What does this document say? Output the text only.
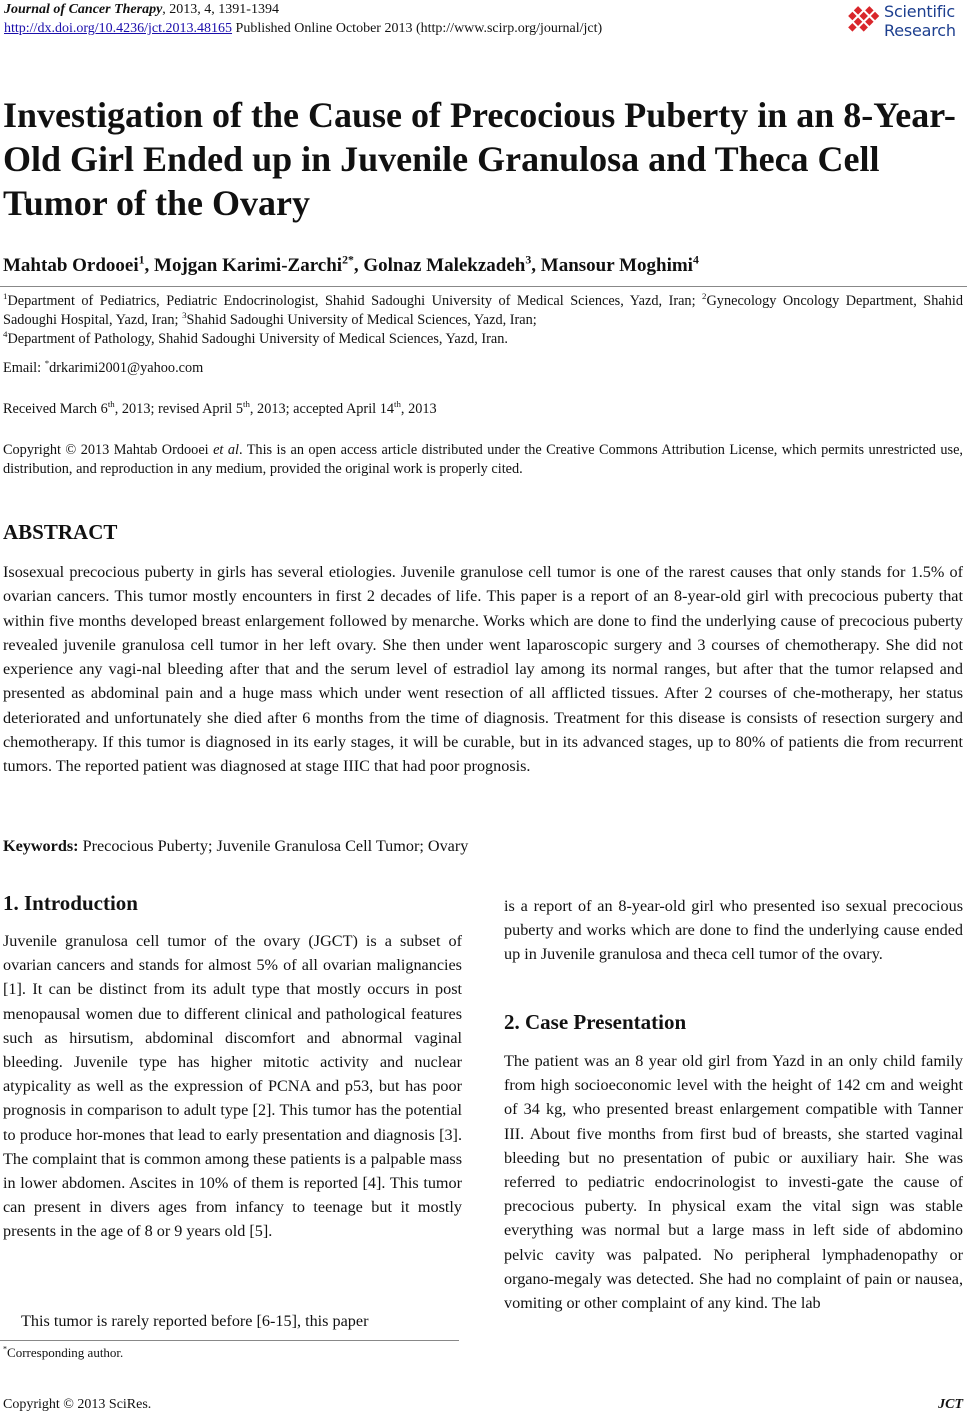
Journal of Cancer Therapy, 2013, 4, 1391-1394
http://dx.doi.org/10.4236/jct.2013.48165 Published Online October 2013 (http://www.scirp.org/journal/jct)
Scientific
Research
Investigation of the Cause of Precocious Puberty in an 8-Year-Old Girl Ended up in Juvenile Granulosa and Theca Cell Tumor of the Ovary
Mahtab Ordooei$^1$, Mojgan Karimi-Zarchi$^{2*}$, Golnaz Malekzadeh$^3$, Mansour Moghimi$^4$
$^1$Department of Pediatrics, Pediatric Endocrinologist, Shahid Sadoughi University of Medical Sciences, Yazd, Iran; $^2$Gynecology Oncology Department, Shahid Sadoughi Hospital, Yazd, Iran; $^3$Shahid Sadoughi University of Medical Sciences, Yazd, Iran;
$^4$Department of Pathology, Shahid Sadoughi University of Medical Sciences, Yazd, Iran.
Email: *drkarimi2001@yahoo.com
Received March 6th, 2013; revised April 5th, 2013; accepted April 14th, 2013
Copyright © 2013 Mahtab Ordooei et al. This is an open access article distributed under the Creative Commons Attribution License, which permits unrestricted use, distribution, and reproduction in any medium, provided the original work is properly cited.
ABSTRACT
Isosexual precocious puberty in girls has several etiologies. Juvenile granulose cell tumor is one of the rarest causes that only stands for 1.5% of ovarian cancers. This tumor mostly encounters in first 2 decades of life. This paper is a report of an 8-year-old girl with precocious puberty that within five months developed breast enlargement followed by menarche. Works which are done to find the underlying cause of precocious puberty revealed juvenile granulosa cell tumor in her left ovary. She then under went laparoscopic surgery and 3 courses of chemotherapy. She did not experience any vagi-nal bleeding after that and the serum level of estradiol lay among its normal ranges, but after that the tumor relapsed and presented as abdominal pain and a huge mass which under went resection of all afflicted tissues. After 2 courses of che-motherapy, her status deteriorated and unfortunately she died after 6 months from the time of diagnosis. Treatment for this disease is consists of resection surgery and chemotherapy. If this tumor is diagnosed in its early stages, it will be curable, but in its advanced stages, up to 80% of patients die from recurrent tumors. The reported patient was diagnosed at stage IIIC that had poor prognosis.
Keywords: Precocious Puberty; Juvenile Granulosa Cell Tumor; Ovary
1. Introduction
Juvenile granulosa cell tumor of the ovary (JGCT) is a subset of ovarian cancers and stands for almost 5% of all ovarian malignancies [1]. It can be distinct from its adult type that mostly occurs in post menopausal women due to different clinical and pathological features such as hirsutism, abdominal discomfort and abnormal vaginal bleeding. Juvenile type has higher mitotic activity and nuclear atypicality as well as the expression of PCNA and p53, but has poor prognosis in comparison to adult type [2]. This tumor has the potential to produce hor-mones that lead to early presentation and diagnosis [3]. The complaint that is common among these patients is a palpable mass in lower abdomen. Ascites in 10% of them is reported [4]. This tumor can present in divers ages from infancy to teenage but it mostly presents in the age of 8 or 9 years old [5].
This tumor is rarely reported before [6-15], this paper
*Corresponding author.
is a report of an 8-year-old girl who presented iso sexual precocious puberty and works which are done to find the underlying cause ended up in Juvenile granulosa and theca cell tumor of the ovary.
2. Case Presentation
The patient was an 8 year old girl from Yazd in an only child family from high socioeconomic level with the height of 142 cm and weight of 34 kg, who presented breast enlargement compatible with Tanner III. About five months from first bud of breasts, she started vaginal bleeding but no presentation of pubic or auxiliary hair. She was referred to pediatric endocrinologist to investi-gate the cause of precocious puberty. In physical exam the vital sign was stable everything was normal but a large mass in left side of abdomino pelvic cavity was palpated. No peripheral lymphadenopathy or organo-megaly was detected. She had no complaint of pain or nausea, vomiting or other complaint of any kind. The lab
Copyright © 2013 SciRes.	JCT
